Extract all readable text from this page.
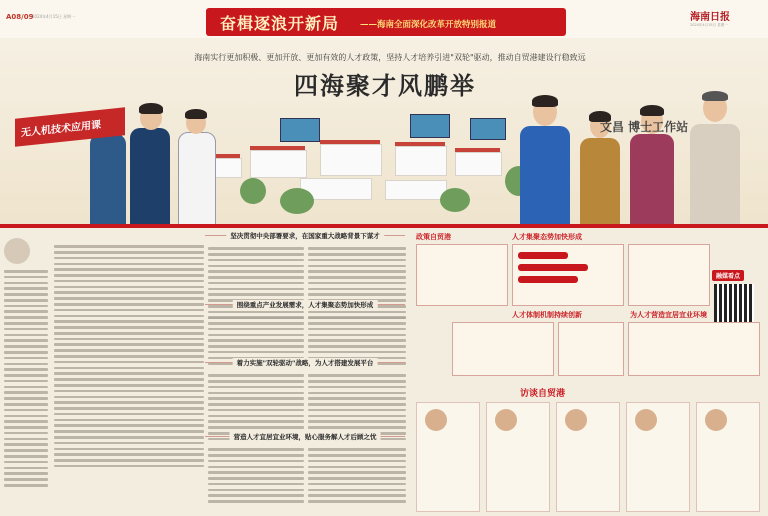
A08/09
2024年4月15日 星期一	奋楫逐浪开新局 ——海南全面深化改革开放特别报道
海南日报
2024年4月15日 星期一
海南实行更加积极、更加开放、更加有效的人才政策，坚持人才培养引进"双轮"驱动，推动自贸港建设行稳致远
四海聚才风鹏举
无人机技术应用课	文昌 博士工作站
坚决贯彻中央部署要求，在国家重大战略背景下谋才
围绕重点产业发展需求，人才集聚态势加快形成
着力实施"双轮驱动"战略，为人才搭建发展平台
营造人才宜居宜业环境，贴心服务解人才后顾之忧
政策自贸港	人才集聚态势加快形成
融媒看点
人才体制机制持续创新	为人才营造宜居宜业环境
访谈自贸港
